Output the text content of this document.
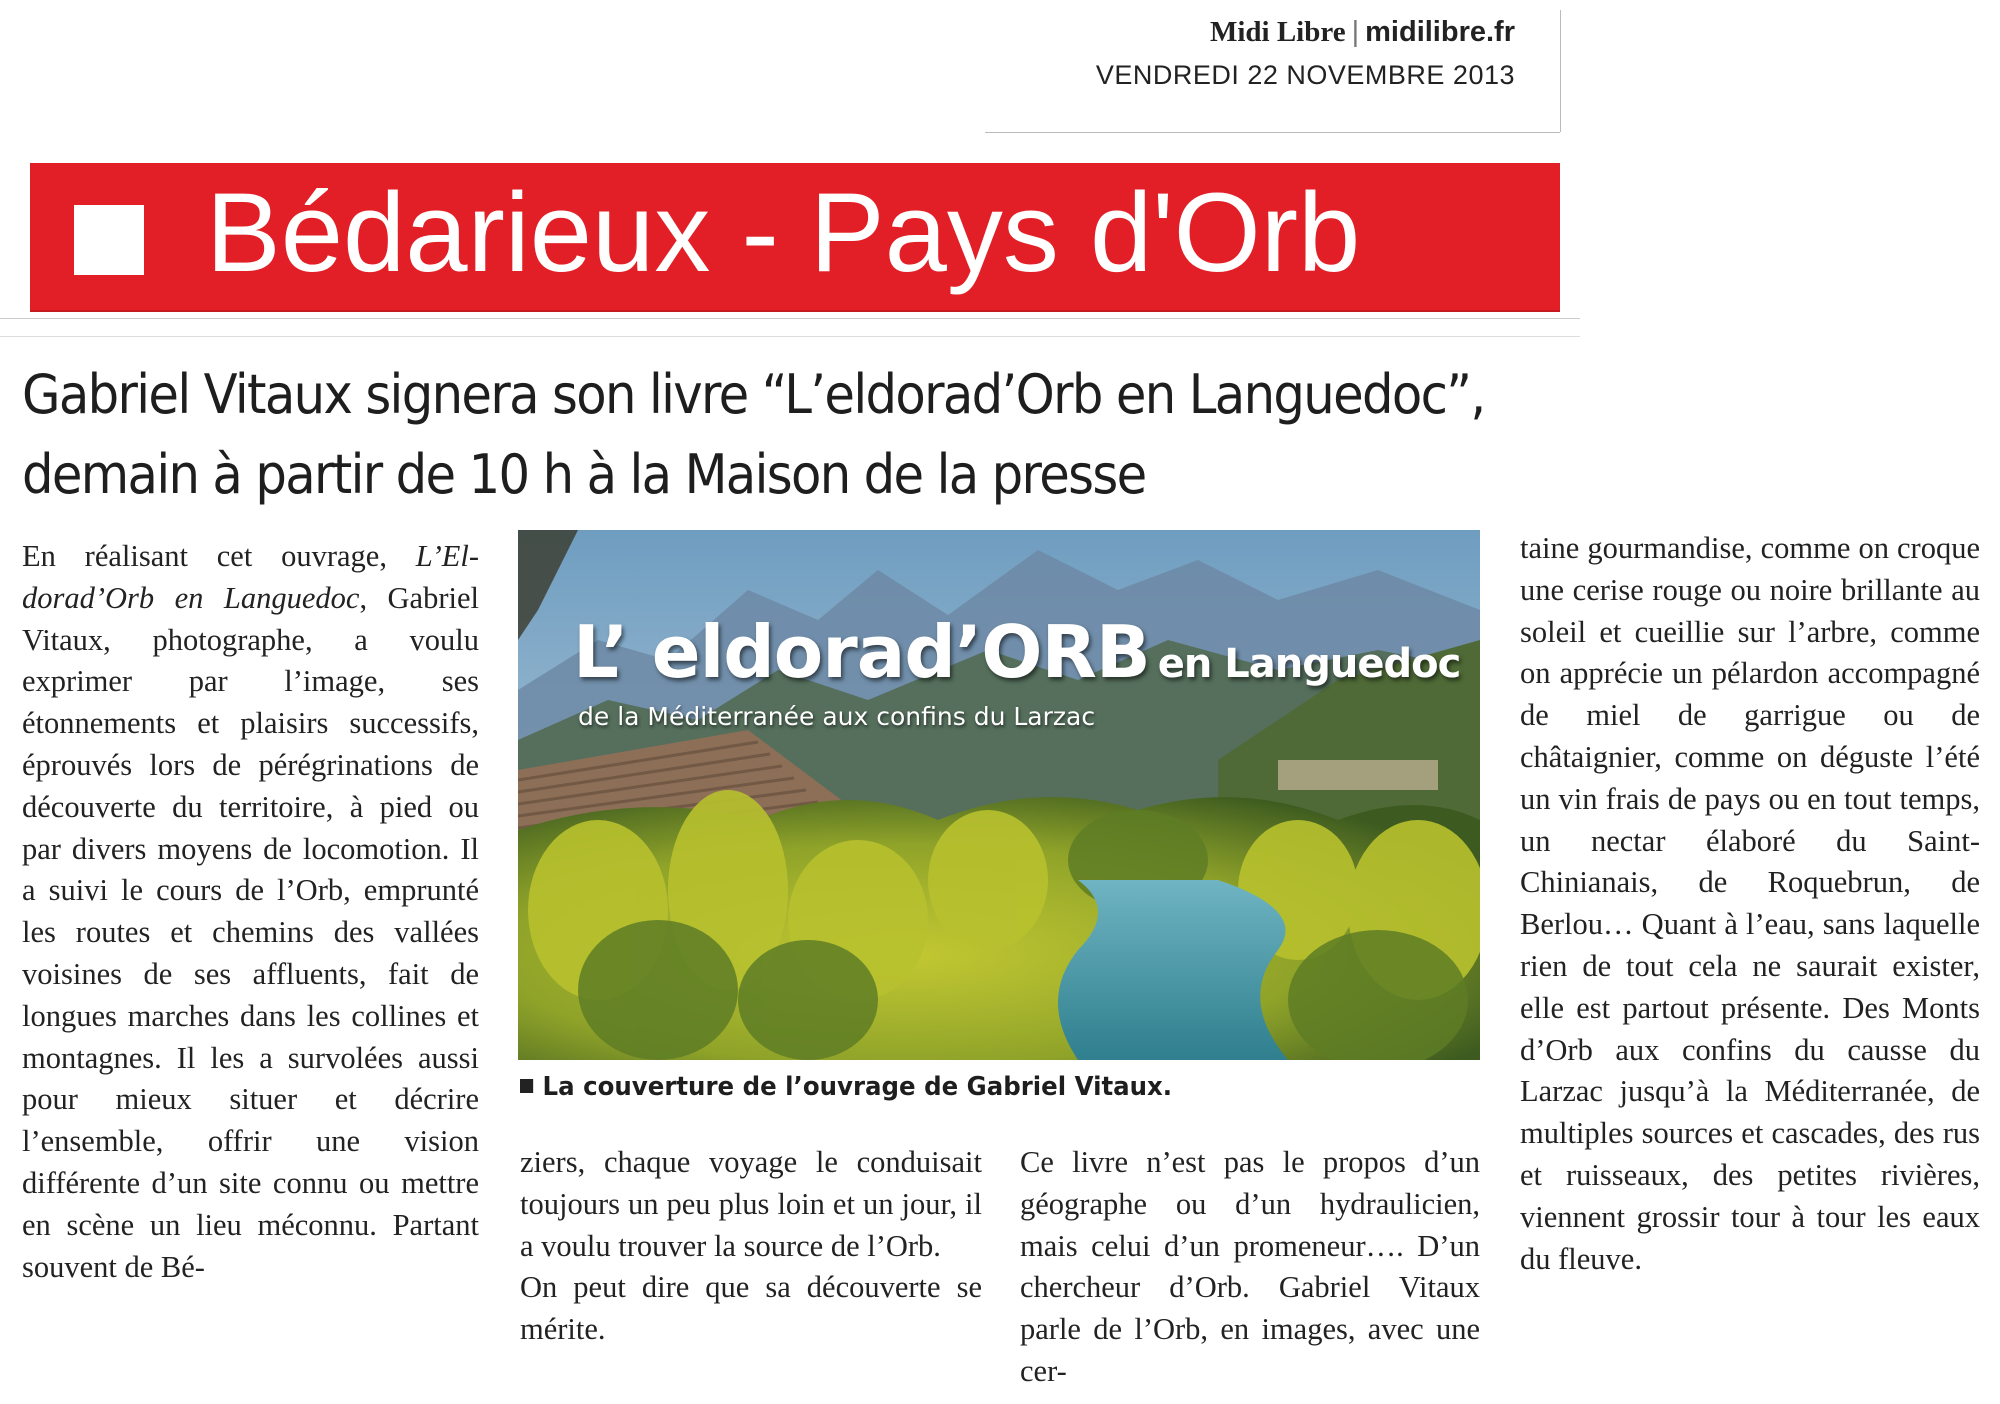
Midi Libre | midilibre.fr
VENDREDI 22 NOVEMBRE 2013
Bédarieux - Pays d'Orb
Gabriel Vitaux signera son livre “L’eldorad’Orb en Languedoc”,
demain à partir de 10 h à la Maison de la presse

En réalisant cet ouvrage, L’Eldorad’Orb en Languedoc, Gabriel Vitaux, photographe, a voulu exprimer par l’image, ses étonnements et plaisirs successifs, éprouvés lors de pérégrinations de découverte du territoire, à pied ou par divers moyens de locomotion. Il a suivi le cours de l’Orb, emprunté les routes et chemins des vallées voisines de ses affluents, fait de longues marches dans les collines et montagnes. Il les a survolées aussi pour mieux situer et décrire l’ensemble, offrir une vision différente d’un site connu ou mettre en scène un lieu méconnu. Partant souvent de Bé-

L’ eldorad’ORB en Languedoc
de la Méditerranée aux confins du Larzac
La couverture de l’ouvrage de Gabriel Vitaux.

ziers, chaque voyage le conduisait toujours un peu plus loin et un jour, il a voulu trouver la source de l’Orb.

On peut dire que sa découverte se mérite.

Ce livre n’est pas le propos d’un géographe ou d’un hydraulicien, mais celui d’un promeneur…. D’un chercheur d’Orb. Gabriel Vitaux parle de l’Orb, en images, avec une cer-

taine gourmandise, comme on croque une cerise rouge ou noire brillante au soleil et cueillie sur l’arbre, comme on apprécie un pélardon accompagné de miel de garrigue ou de châtaignier, comme on déguste l’été un vin frais de pays ou en tout temps, un nectar élaboré du Saint-Chinianais, de Roquebrun, de Berlou… Quant à l’eau, sans laquelle rien de tout cela ne saurait exister, elle est partout présente. Des Monts d’Orb aux confins du causse du Larzac jusqu’à la Méditerranée, de multiples sources et cascades, des rus et ruisseaux, des petites rivières, viennent grossir tour à tour les eaux du fleuve.
